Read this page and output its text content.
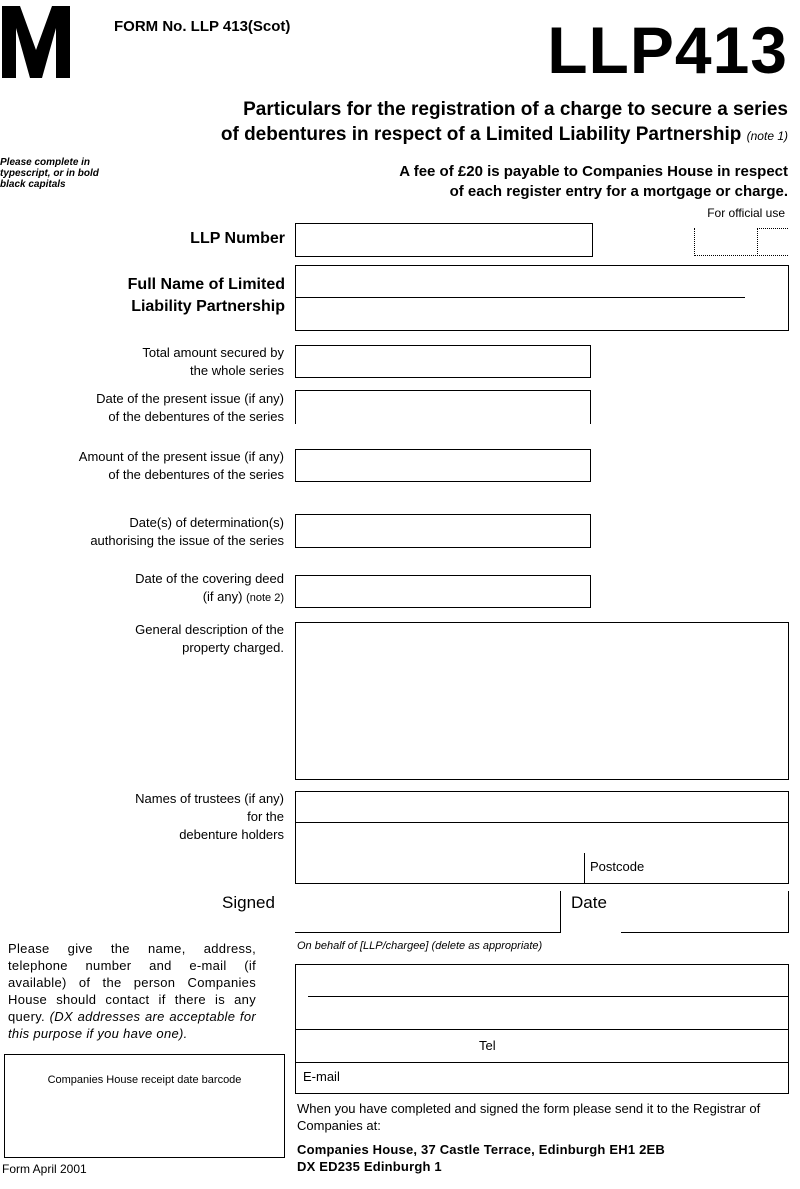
FORM No. LLP 413(Scot)	LLP413
Particulars for the registration of a charge to secure a series
of debentures in respect of a Limited Liability Partnership (note 1)
Please complete in typescript, or in bold black capitals
A fee of £20 is payable to Companies House in respect
of each register entry for a mortgage or charge.
For official use
LLP Number
Full Name of Limited
Liability Partnership
Total amount secured by
the whole series
Date of the present issue (if any)
of the debentures of the series
Amount of the present issue (if any)
of the debentures of the series
Date(s) of determination(s)
authorising the issue of the series
Date of the covering deed
(if any) (note 2)
General description of the
property charged.
Names of trustees (if any)
for the
debenture holders
Postcode
Signed	Date
On behalf of [LLP/chargee] (delete as appropriate)
Please give the name, address, telephone number and e-mail (if available) of the person Companies House should contact if there is any query. (DX addresses are acceptable for this purpose if you have one).
Tel
E-mail
Companies House receipt date barcode
Form April 2001
When you have completed and signed the form please send it to the Registrar of Companies at:
Companies House, 37 Castle Terrace, Edinburgh EH1 2EB
DX ED235 Edinburgh 1
